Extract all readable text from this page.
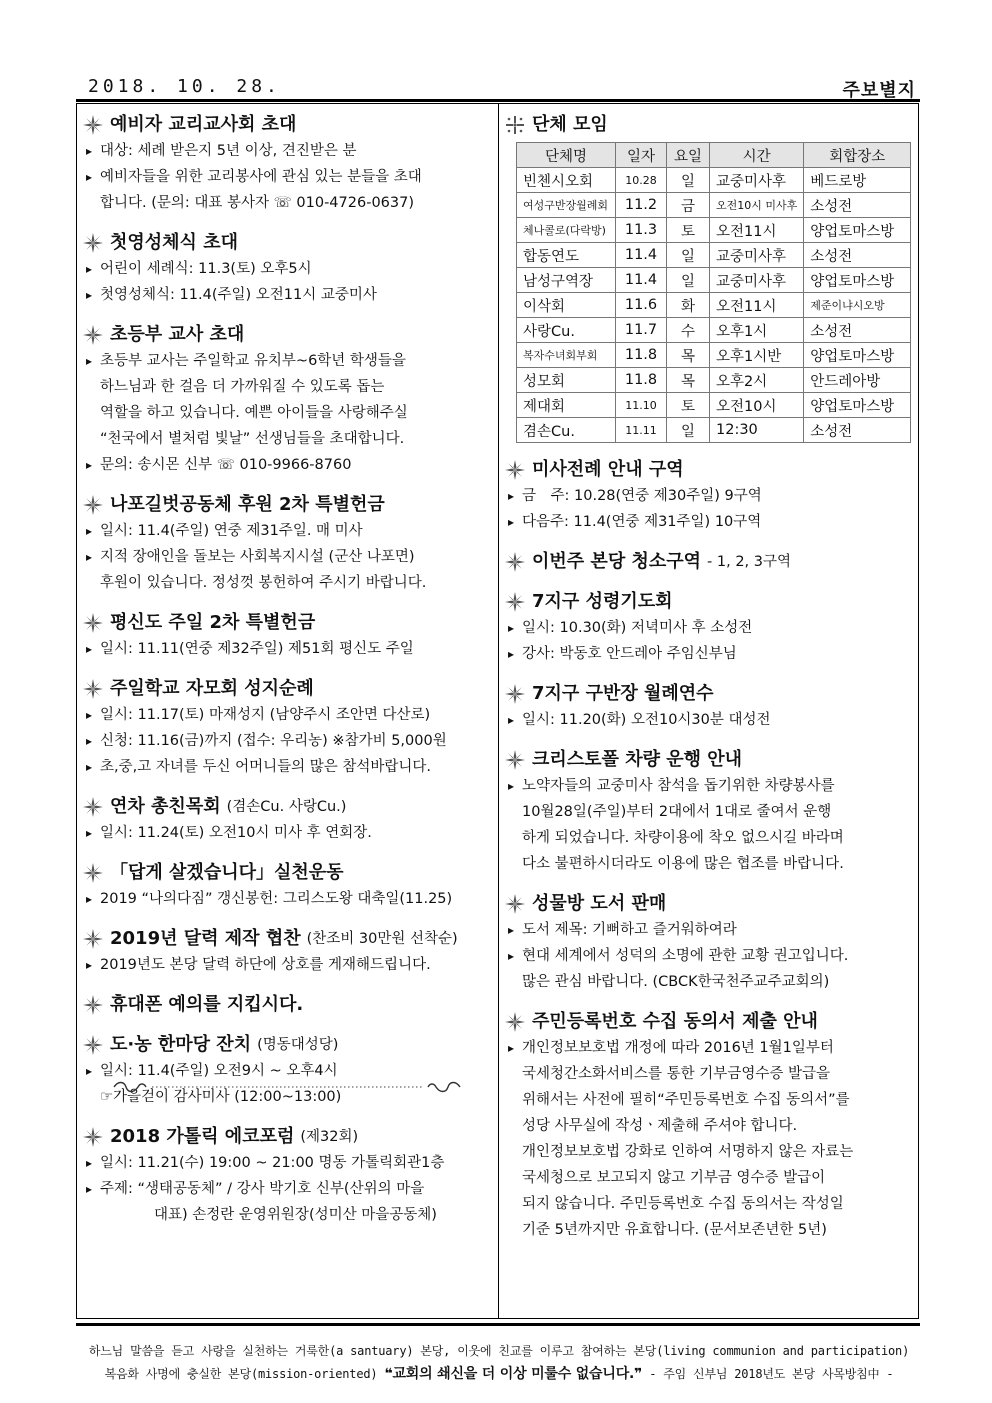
2018. 10. 28.	주보별지
예비자 교리교사회 초대
▸ 대상: 세례 받은지 5년 이상, 견진받은 분
▸ 예비자들을 위한 교리봉사에 관심 있는 분들을 초대
합니다. (문의: 대표 봉사자 ☏ 010-4726-0637)
첫영성체식 초대
▸ 어린이 세례식: 11.3(토) 오후5시
▸ 첫영성체식: 11.4(주일) 오전11시 교중미사
초등부 교사 초대
▸ 초등부 교사는 주일학교 유치부~6학년 학생들을
하느님과 한 걸음 더 가까워질 수 있도록 돕는
역할을 하고 있습니다. 예쁜 아이들을 사랑해주실
“천국에서 별처럼 빛날” 선생님들을 초대합니다.
▸ 문의: 송시몬 신부 ☏ 010-9966-8760
나포길벗공동체 후원 2차 특별헌금
▸ 일시: 11.4(주일) 연중 제31주일. 매 미사
▸ 지적 장애인을 돌보는 사회복지시설 (군산 나포면)
후원이 있습니다. 정성껏 봉헌하여 주시기 바랍니다.
평신도 주일 2차 특별헌금
▸ 일시: 11.11(연중 제32주일) 제51회 평신도 주일
주일학교 자모회 성지순례
▸ 일시: 11.17(토) 마재성지 (남양주시 조안면 다산로)
▸ 신청: 11.16(금)까지 (접수: 우리농) ※참가비 5,000원
▸ 초,중,고 자녀를 두신 어머니들의 많은 참석바랍니다.
연차 총친목회 (겸손Cu. 사랑Cu.)
▸ 일시: 11.24(토) 오전10시 미사 후 연회장.
「답게 살겠습니다」실천운동
▸ 2019 “나의다짐” 갱신봉헌: 그리스도왕 대축일(11.25)
2019년 달력 제작 협찬 (찬조비 30만원 선착순)
▸ 2019년도 본당 달력 하단에 상호를 게재해드립니다.
휴대폰 예의를 지킵시다.
도·농 한마당 잔치 (명동대성당)
▸ 일시: 11.4(주일) 오전9시 ~ 오후4시
☞가을걷이 감사미사 (12:00~13:00)
2018 가톨릭 에코포럼 (제32회)
▸ 일시: 11.21(수) 19:00 ~ 21:00 명동 가톨릭회관1층
▸ 주제: “생태공동체” / 강사 박기호 신부(산위의 마을
대표) 손정란 운영위원장(성미산 마을공동체)
단체 모임
단체명	일자	요일	시간	회합장소
빈첸시오회	10.28	일	교중미사후	베드로방
여성구반장월례회	11.2	금	오전10시 미사후	소성전
체나콜로(다락방)	11.3	토	오전11시	양업토마스방
합동연도	11.4	일	교중미사후	소성전
남성구역장	11.4	일	교중미사후	양업토마스방
이삭회	11.6	화	오전11시	제준이냐시오방
사랑Cu.	11.7	수	오후1시	소성전
복자수녀회부회	11.8	목	오후1시반	양업토마스방
성모회	11.8	목	오후2시	안드레아방
제대회	11.10	토	오전10시	양업토마스방
겸손Cu.	11.11	일	12:30	소성전
미사전례 안내 구역
▸ 금　주: 10.28(연중 제30주일) 9구역
▸ 다음주: 11.4(연중 제31주일) 10구역
이번주 본당 청소구역 - 1, 2, 3구역
7지구 성령기도회
▸ 일시: 10.30(화) 저녁미사 후 소성전
▸ 강사: 박동호 안드레아 주임신부님
7지구 구반장 월례연수
▸ 일시: 11.20(화) 오전10시30분 대성전
크리스토폴 차량 운행 안내
▸ 노약자들의 교중미사 참석을 돕기위한 차량봉사를
10월28일(주일)부터 2대에서 1대로 줄여서 운행
하게 되었습니다. 차량이용에 착오 없으시길 바라며
다소 불편하시더라도 이용에 많은 협조를 바랍니다.
성물방 도서 판매
▸ 도서 제목: 기뻐하고 즐거워하여라
▸ 현대 세계에서 성덕의 소명에 관한 교황 권고입니다.
많은 관심 바랍니다. (CBCK한국천주교주교회의)
주민등록번호 수집 동의서 제출 안내
▸ 개인정보보호법 개정에 따라 2016년 1월1일부터
국세청간소화서비스를 통한 기부금영수증 발급을
위해서는 사전에 필히“주민등록번호 수집 동의서”를
성당 사무실에 작성ㆍ제출해 주셔야 합니다.
개인정보보호법 강화로 인하여 서명하지 않은 자료는
국세청으로 보고되지 않고 기부금 영수증 발급이
되지 않습니다. 주민등록번호 수집 동의서는 작성일
기준 5년까지만 유효합니다. (문서보존년한 5년)
하느님 말씀을 듣고 사랑을 실천하는 거룩한(a santuary) 본당, 이웃에 친교를 이루고 참여하는 본당(living communion and participation)
복음화 사명에 충실한 본당(mission-oriented) ❝교회의 쇄신을 더 이상 미룰수 없습니다.❞ - 주임 신부님 2018년도 본당 사목방침中 -
